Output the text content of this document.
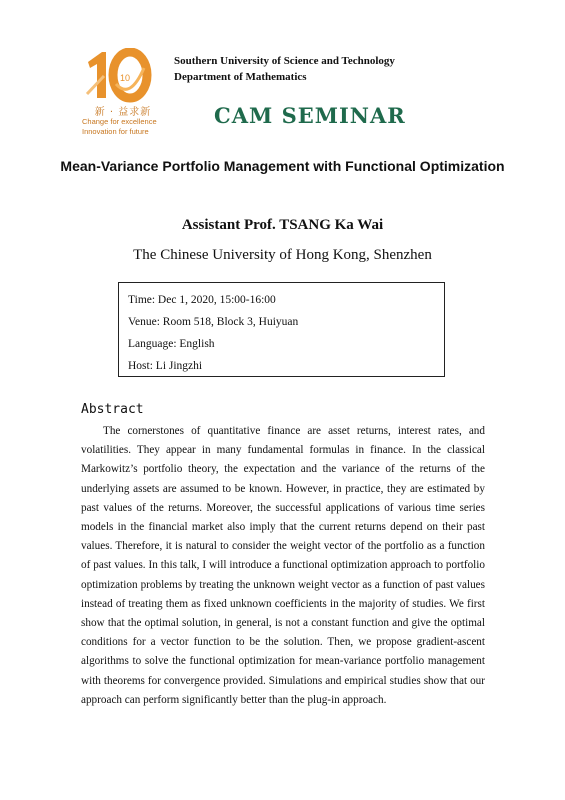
10
新 · 益求新
Change for excellence
Innovation for future
Southern University of Science and Technology
Department of Mathematics
CAM SEMINAR
Mean-Variance Portfolio Management with Functional Optimization
Assistant Prof. TSANG Ka Wai
The Chinese University of Hong Kong, Shenzhen
Time: Dec 1, 2020, 15:00-16:00
Venue: Room 518, Block 3, Huiyuan
Language: English
Host: Li Jingzhi
Abstract

The cornerstones of quantitative finance are asset returns, interest rates, and volatilities. They appear in many fundamental formulas in finance. In the classical Markowitz’s portfolio theory, the expectation and the variance of the returns of the underlying assets are assumed to be known. However, in practice, they are estimated by past values of the returns. Moreover, the successful applications of various time series models in the financial market also imply that the current returns depend on their past values. Therefore, it is natural to consider the weight vector of the portfolio as a function of past values. In this talk, I will introduce a functional optimization approach to portfolio optimization problems by treating the unknown weight vector as a function of past values instead of treating them as fixed unknown coefficients in the majority of studies. We first show that the optimal solution, in general, is not a constant function and give the optimal conditions for a vector function to be the solution. Then, we propose gradient-ascent algorithms to solve the functional optimization for mean-variance portfolio management with theorems for convergence provided. Simulations and empirical studies show that our approach can perform significantly better than the plug-in approach.
